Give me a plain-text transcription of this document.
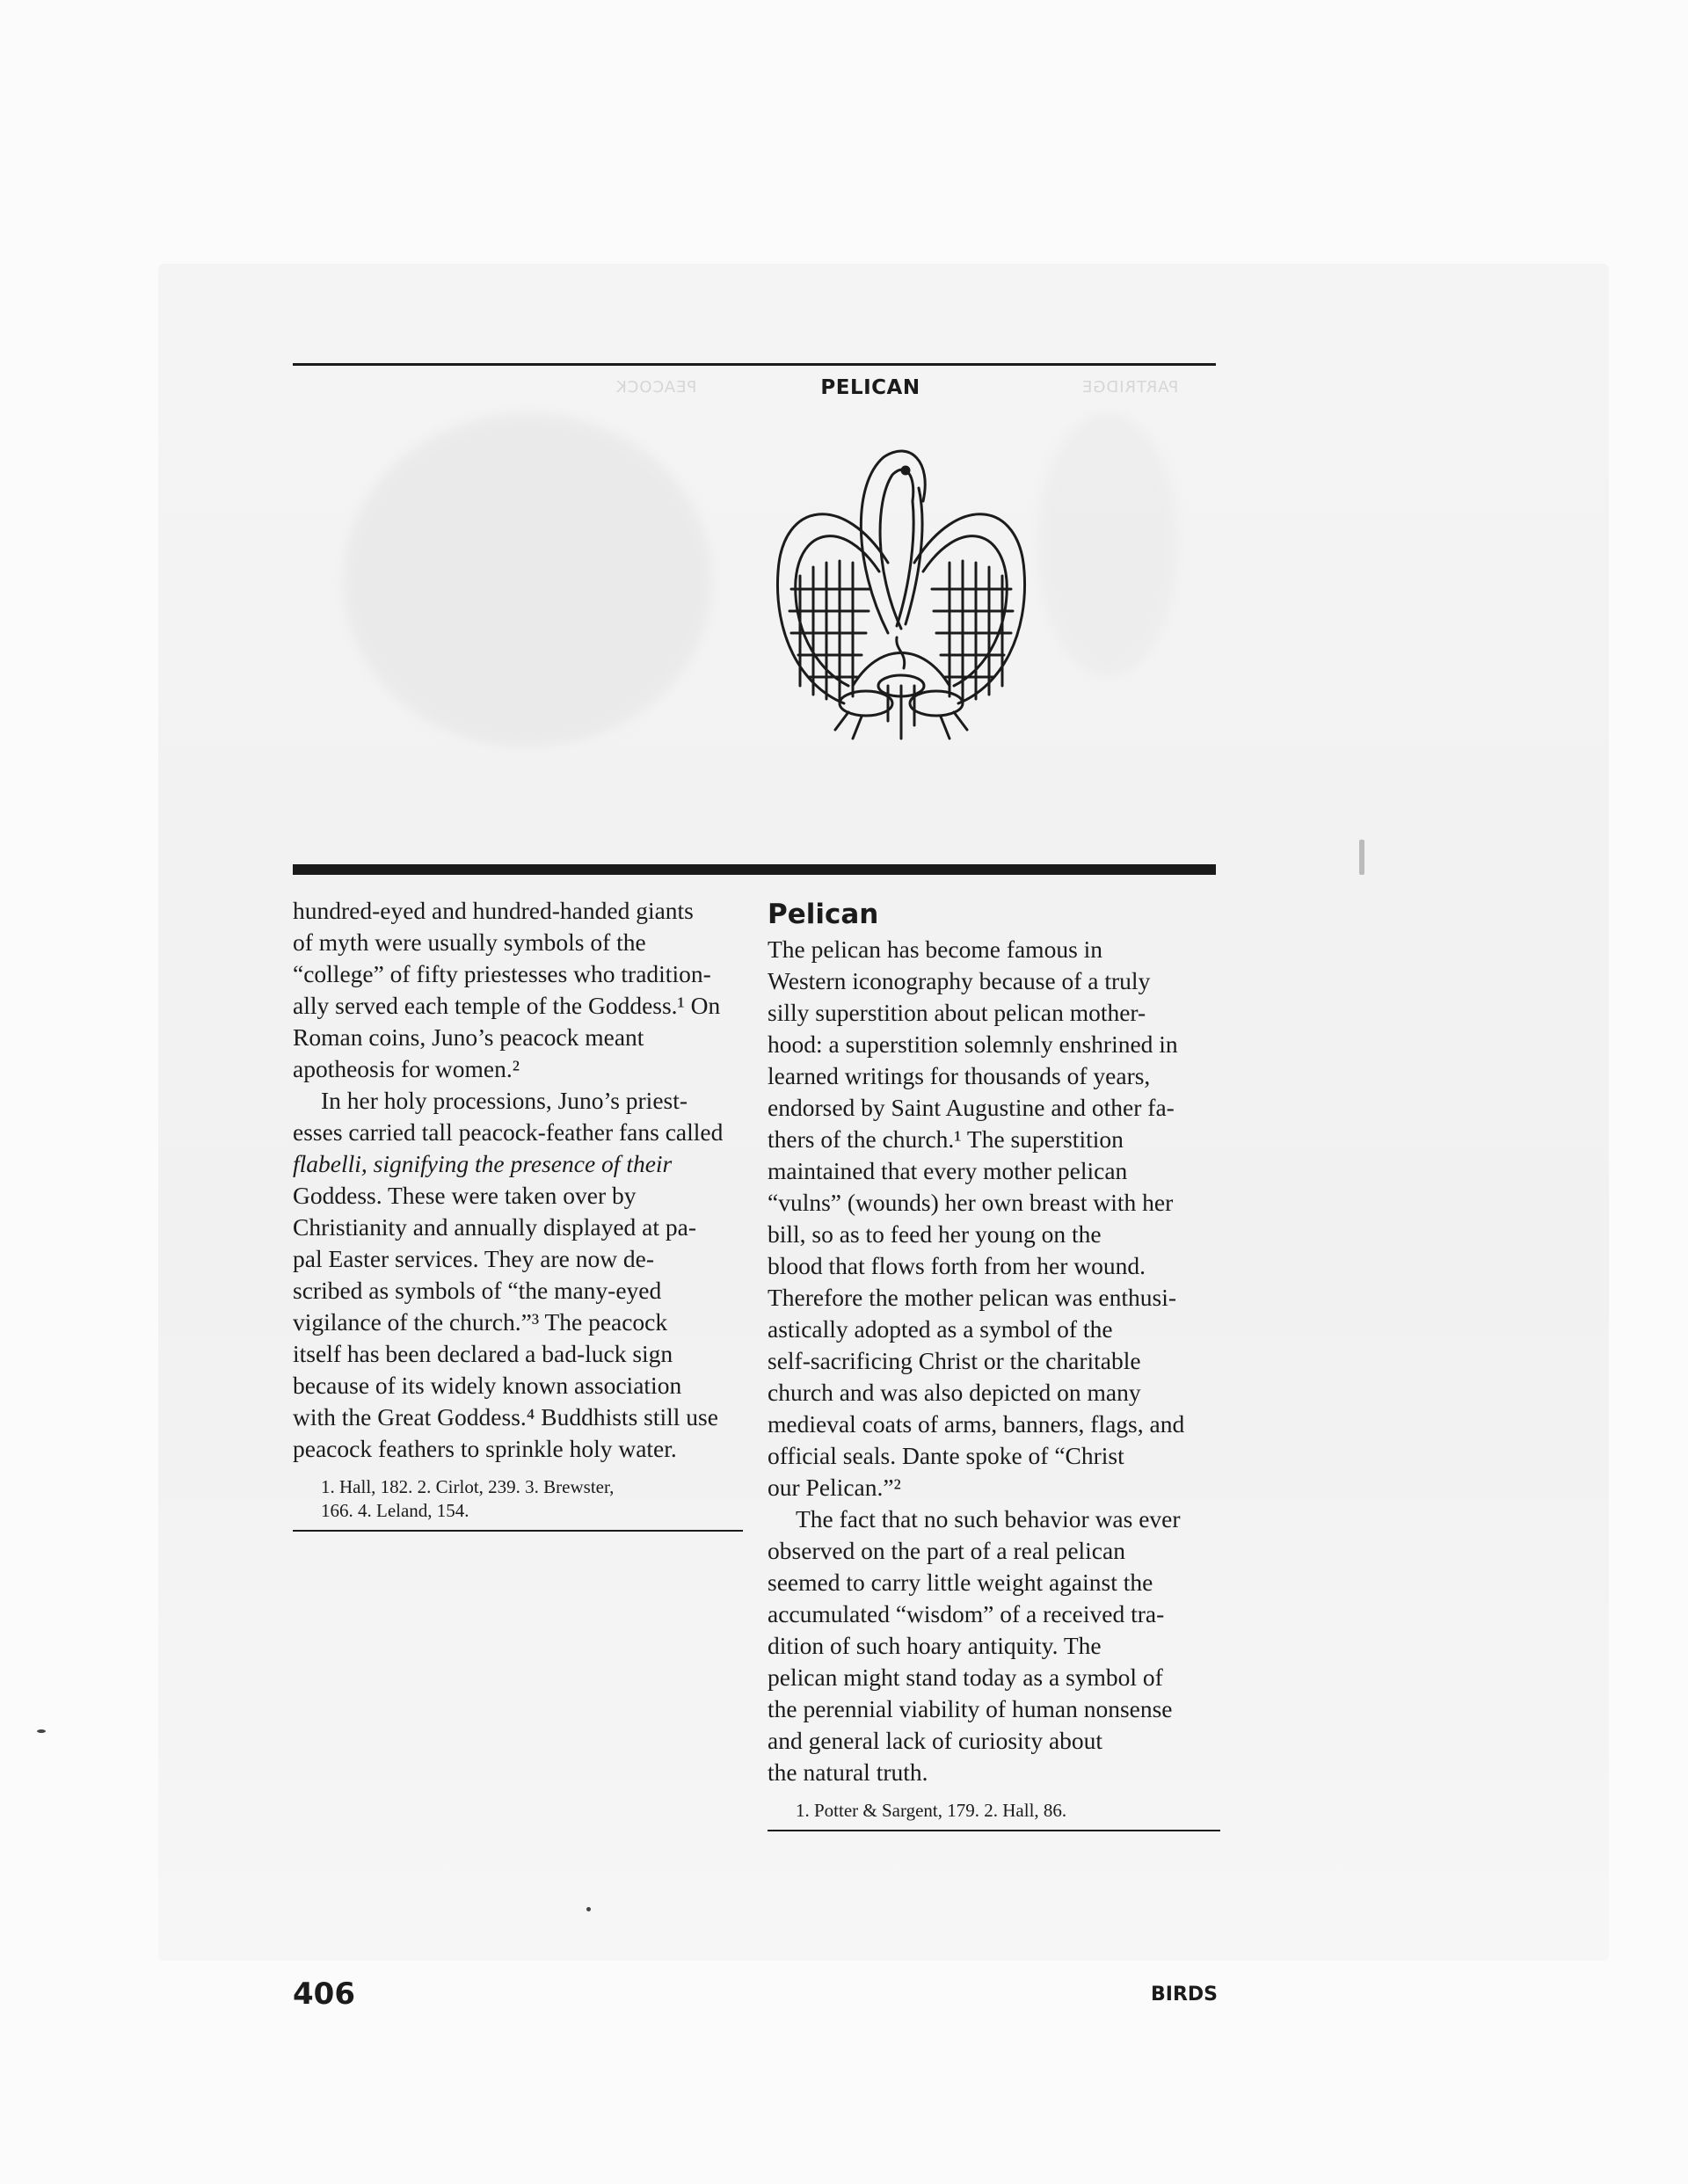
PEACOCK	PARTRIDGE
PELICAN

hundred-eyed and hundred-handed giants
of myth were usually symbols of the
“college” of fifty priestesses who tradition-
ally served each temple of the Goddess.¹ On
Roman coins, Juno’s peacock meant
apotheosis for women.²

In her holy processions, Juno’s priest-
esses carried tall peacock-feather fans called
flabelli, signifying the presence of their
Goddess. These were taken over by
Christianity and annually displayed at pa-
pal Easter services. They are now de-
scribed as symbols of “the many-eyed
vigilance of the church.”³ The peacock
itself has been declared a bad-luck sign
because of its widely known association
with the Great Goddess.⁴ Buddhists still use
peacock feathers to sprinkle holy water.

1. Hall, 182. 2. Cirlot, 239. 3. Brewster,
166. 4. Leland, 154.
Pelican

The pelican has become famous in
Western iconography because of a truly
silly superstition about pelican mother-
hood: a superstition solemnly enshrined in
learned writings for thousands of years,
endorsed by Saint Augustine and other fa-
thers of the church.¹ The superstition
maintained that every mother pelican
“vulns” (wounds) her own breast with her
bill, so as to feed her young on the
blood that flows forth from her wound.
Therefore the mother pelican was enthusi-
astically adopted as a symbol of the
self-sacrificing Christ or the charitable
church and was also depicted on many
medieval coats of arms, banners, flags, and
official seals. Dante spoke of “Christ
our Pelican.”²

The fact that no such behavior was ever
observed on the part of a real pelican
seemed to carry little weight against the
accumulated “wisdom” of a received tra-
dition of such hoary antiquity. The
pelican might stand today as a symbol of
the perennial viability of human nonsense
and general lack of curiosity about
the natural truth.

1. Potter & Sargent, 179. 2. Hall, 86.
406	BIRDS
